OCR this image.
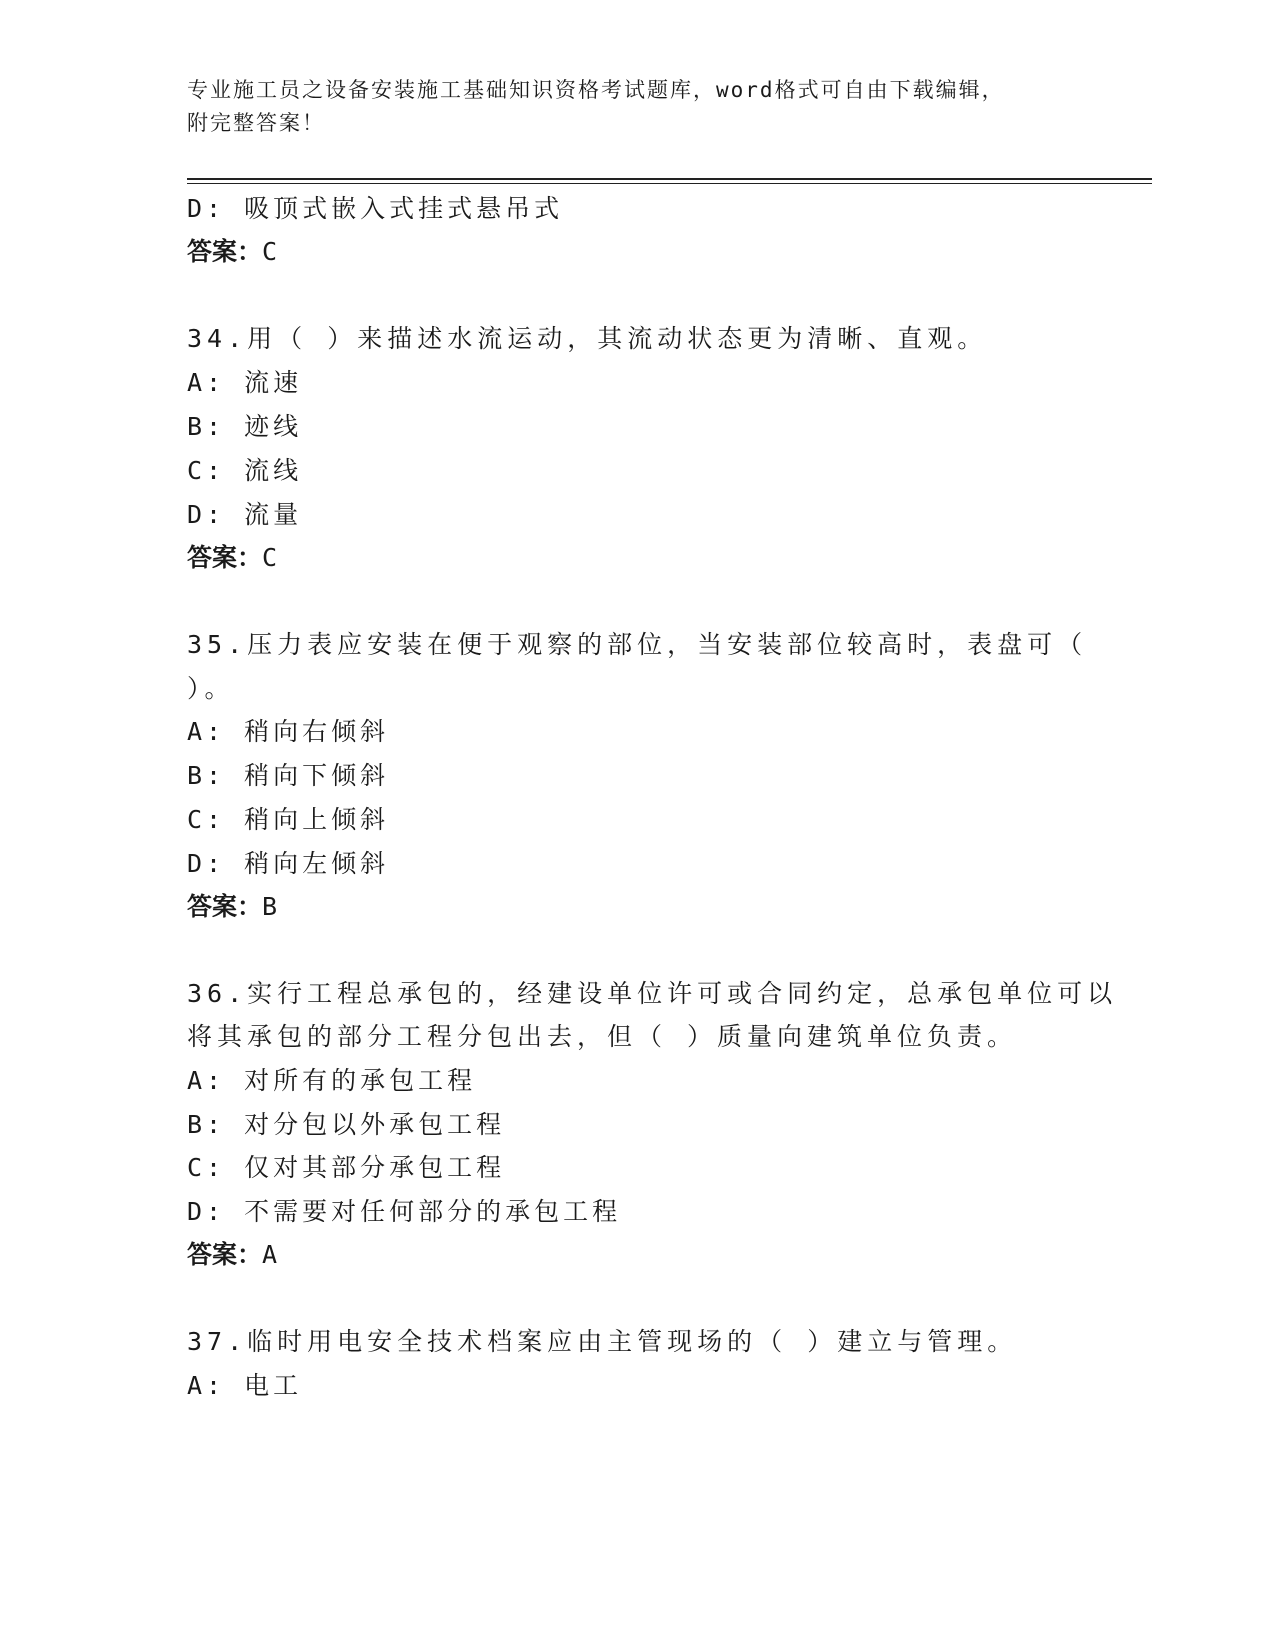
专业施工员之设备安装施工基础知识资格考试题库，word格式可自由下载编辑，
附完整答案！
D: 吸顶式嵌入式挂式悬吊式
答案：C
34.用（ ）来描述水流运动，其流动状态更为清晰、直观。
A: 流速
B: 迹线
C: 流线
D: 流量
答案：C
35.压力表应安装在便于观察的部位，当安装部位较高时，表盘可（
）。
A: 稍向右倾斜
B: 稍向下倾斜
C: 稍向上倾斜
D: 稍向左倾斜
答案：B
36.实行工程总承包的，经建设单位许可或合同约定，总承包单位可以
将其承包的部分工程分包出去，但（ ）质量向建筑单位负责。
A: 对所有的承包工程
B: 对分包以外承包工程
C: 仅对其部分承包工程
D: 不需要对任何部分的承包工程
答案：A
37.临时用电安全技术档案应由主管现场的（ ）建立与管理。
A: 电工
